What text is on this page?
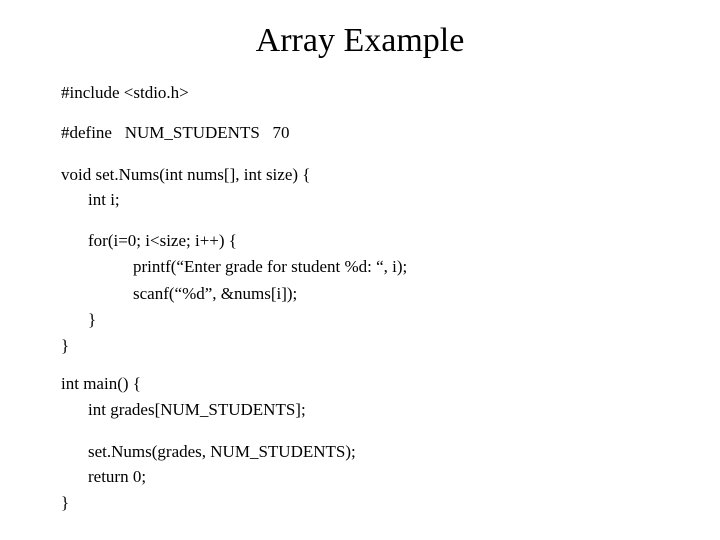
Array Example
#include <stdio.h>
#define   NUM_STUDENTS   70
void set.Nums(int nums[], int size) {
int i;
for(i=0; i<size; i++) {
printf(“Enter grade for student %d: “, i);
scanf(“%d”, &nums[i]);
}
}
int main() {
int grades[NUM_STUDENTS];
set.Nums(grades, NUM_STUDENTS);
return 0;
}
